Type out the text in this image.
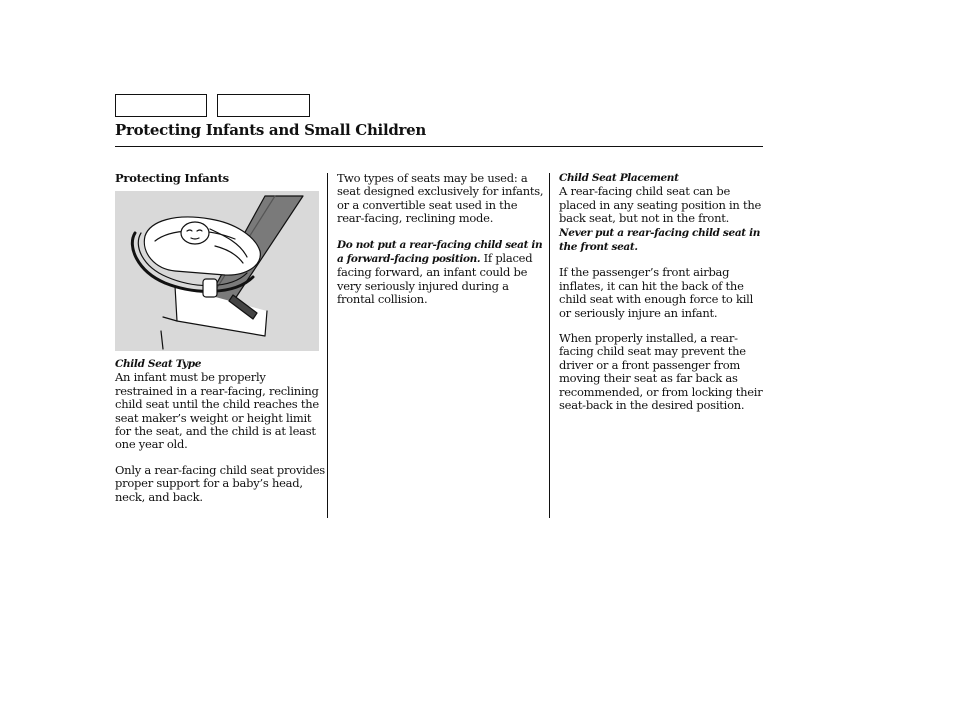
Protecting Infants and Small Children

Protecting Infants

Child Seat Type

An infant must be properly restrained in a rear-facing, reclining child seat until the child reaches the seat maker’s weight or height limit for the seat, and the child is at least one year old.

Only a rear-facing child seat provides proper support for a baby’s head, neck, and back.

Two types of seats may be used: a seat designed exclusively for infants, or a convertible seat used in the rear-facing, reclining mode.

Do not put a rear-facing child seat in a forward-facing position. If placed facing forward, an infant could be very seriously injured during a frontal collision.

Child Seat Placement

A rear-facing child seat can be placed in any seating position in the back seat, but not in the front. Never put a rear-facing child seat in the front seat.

If the passenger’s front airbag inflates, it can hit the back of the child seat with enough force to kill or seriously injure an infant.

When properly installed, a rear-facing child seat may prevent the driver or a front passenger from moving their seat as far back as recommended, or from locking their seat-back in the desired position.
